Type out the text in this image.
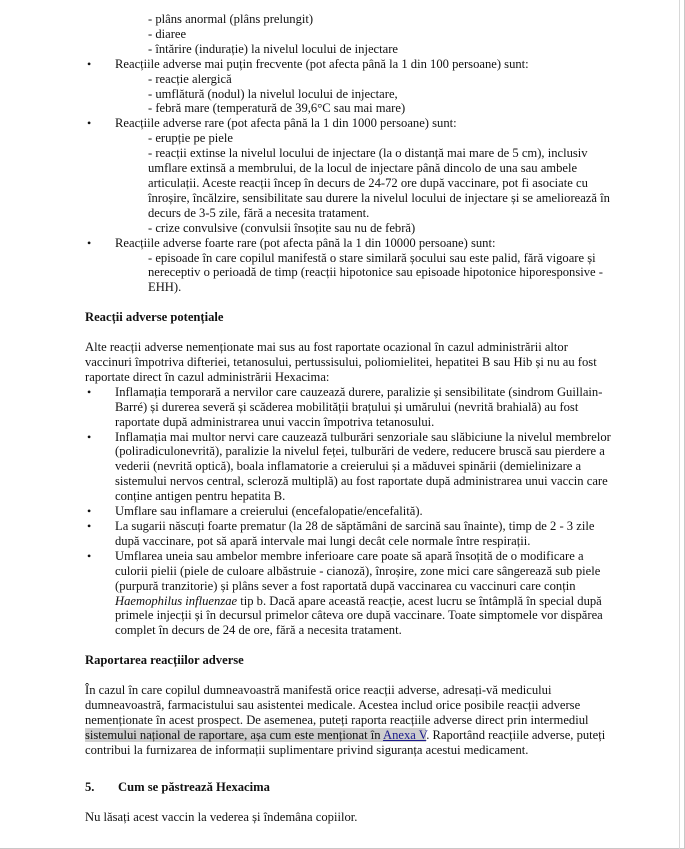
- plâns anormal (plâns prelungit)
- diaree
- întărire (indurație) la nivelul locului de injectare
• Reacțiile adverse mai puțin frecvente (pot afecta până la 1 din 100 persoane) sunt:
- reacție alergică
- umflătură (nodul) la nivelul locului de injectare,
- febră mare (temperatură de 39,6°C sau mai mare)
• Reacțiile adverse rare (pot afecta până la 1 din 1000 persoane) sunt:
- erupție pe piele
- reacții extinse la nivelul locului de injectare (la o distanță mai mare de 5 cm), inclusiv umflare extinsă a membrului, de la locul de injectare până dincolo de una sau ambele articulații. Aceste reacții încep în decurs de 24-72 ore după vaccinare, pot fi asociate cu înroșire, încălzire, sensibilitate sau durere la nivelul locului de injectare și se ameliorează în decurs de 3-5 zile, fără a necesita tratament.
- crize convulsive (convulsii însoțite sau nu de febră)
• Reacțiile adverse foarte rare (pot afecta până la 1 din 10000 persoane) sunt:
- episoade în care copilul manifestă o stare similară șocului sau este palid, fără vigoare și nereceptiv o perioadă de timp (reacții hipotonice sau episoade hipotonice hiporesponsive - EHH).
Reacții adverse potențiale
Alte reacții adverse nemenționate mai sus au fost raportate ocazional în cazul administrării altor vaccinuri împotriva difteriei, tetanosului, pertussisului, poliomielitei, hepatitei B sau Hib și nu au fost raportate direct în cazul administrării Hexacima:
• Inflamația temporară a nervilor care cauzează durere, paralizie și sensibilitate (sindrom Guillain-Barré) și durerea severă și scăderea mobilității brațului și umărului (nevrită brahială) au fost raportate după administrarea unui vaccin împotriva tetanosului.
• Inflamația mai multor nervi care cauzează tulburări senzoriale sau slăbiciune la nivelul membrelor (poliradiculonevrită), paralizie la nivelul feței, tulburări de vedere, reducere bruscă sau pierdere a vederii (nevrită optică), boala inflamatorie a creierului și a măduvei spinării (demielinizare a sistemului nervos central, scleroză multiplă) au fost raportate după administrarea unui vaccin care conține antigen pentru hepatita B.
• Umflare sau inflamare a creierului (encefalopatie/encefalită).
• La sugarii născuți foarte prematur (la 28 de săptămâni de sarcină sau înainte), timp de 2 - 3 zile după vaccinare, pot să apară intervale mai lungi decât cele normale între respirații.
• Umflarea uneia sau ambelor membre inferioare care poate să apară însoțită de o modificare a culorii pielii (piele de culoare albăstruie - cianoză), înroșire, zone mici care sângerează sub piele (purpură tranzitorie) și plâns sever a fost raportată după vaccinarea cu vaccinuri care conțin Haemophilus influenzae tip b. Dacă apare această reacție, acest lucru se întâmplă în special după primele injecții și în decursul primelor câteva ore după vaccinare. Toate simptomele vor dispărea complet în decurs de 24 de ore, fără a necesita tratament.
Raportarea reacțiilor adverse
În cazul în care copilul dumneavoastră manifestă orice reacții adverse, adresați-vă medicului dumneavoastră, farmacistului sau asistentei medicale. Acestea includ orice posibile reacții adverse nemenționate în acest prospect. De asemenea, puteți raporta reacțiile adverse direct prin intermediul sistemului național de raportare, așa cum este menționat în Anexa V. Raportând reacțiile adverse, puteți contribui la furnizarea de informații suplimentare privind siguranța acestui medicament.
5. Cum se păstrează Hexacima
Nu lăsați acest vaccin la vederea și îndemâna copiilor.
